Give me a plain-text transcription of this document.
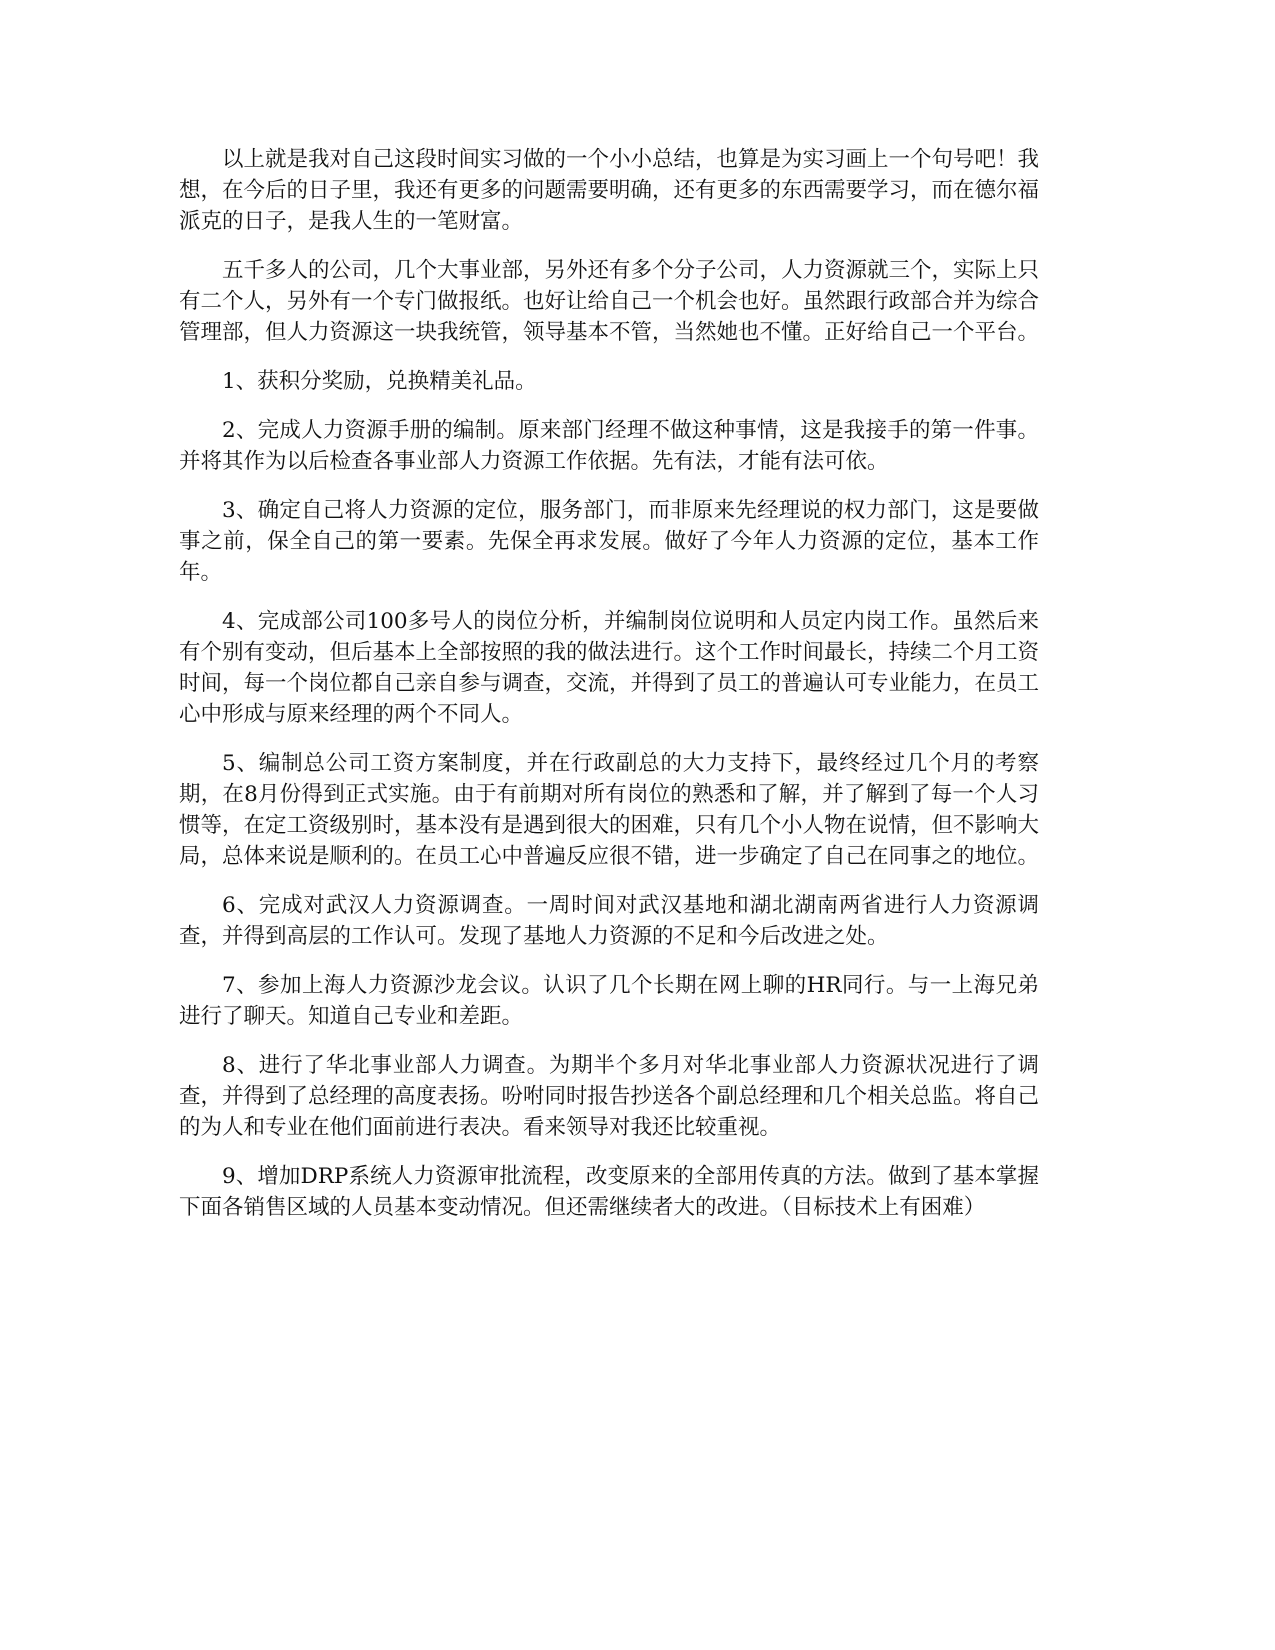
以上就是我对自己这段时间实习做的一个小小总结，也算是为实习画上一个句号吧！我想，在今后的日子里，我还有更多的问题需要明确，还有更多的东西需要学习，而在德尔福派克的日子，是我人生的一笔财富。

五千多人的公司，几个大事业部，另外还有多个分子公司，人力资源就三个，实际上只有二个人，另外有一个专门做报纸。也好让给自己一个机会也好。虽然跟行政部合并为综合管理部，但人力资源这一块我统管，领导基本不管，当然她也不懂。正好给自己一个平台。

1、获积分奖励，兑换精美礼品。

2、完成人力资源手册的编制。原来部门经理不做这种事情，这是我接手的第一件事。并将其作为以后检查各事业部人力资源工作依据。先有法，才能有法可依。

3、确定自己将人力资源的定位，服务部门，而非原来先经理说的权力部门，这是要做事之前，保全自己的第一要素。先保全再求发展。做好了今年人力资源的定位，基本工作年。

4、完成部公司100多号人的岗位分析，并编制岗位说明和人员定内岗工作。虽然后来有个别有变动，但后基本上全部按照的我的做法进行。这个工作时间最长，持续二个月工资时间，每一个岗位都自己亲自参与调查，交流，并得到了员工的普遍认可专业能力，在员工心中形成与原来经理的两个不同人。

5、编制总公司工资方案制度，并在行政副总的大力支持下，最终经过几个月的考察期，在8月份得到正式实施。由于有前期对所有岗位的熟悉和了解，并了解到了每一个人习惯等，在定工资级别时，基本没有是遇到很大的困难，只有几个小人物在说情，但不影响大局，总体来说是顺利的。在员工心中普遍反应很不错，进一步确定了自己在同事之的地位。

6、完成对武汉人力资源调查。一周时间对武汉基地和湖北湖南两省进行人力资源调查，并得到高层的工作认可。发现了基地人力资源的不足和今后改进之处。

7、参加上海人力资源沙龙会议。认识了几个长期在网上聊的HR同行。与一上海兄弟进行了聊天。知道自己专业和差距。

8、进行了华北事业部人力调查。为期半个多月对华北事业部人力资源状况进行了调查，并得到了总经理的高度表扬。吩咐同时报告抄送各个副总经理和几个相关总监。将自己的为人和专业在他们面前进行表决。看来领导对我还比较重视。

9、增加DRP系统人力资源审批流程，改变原来的全部用传真的方法。做到了基本掌握下面各销售区域的人员基本变动情况。但还需继续者大的改进。（目标技术上有困难）
